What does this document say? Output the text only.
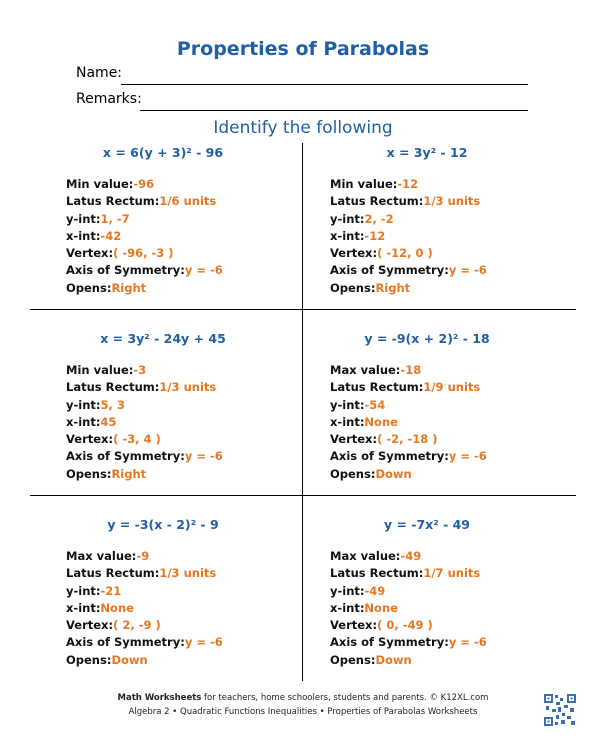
Properties of Parabolas
Name:
Remarks:
Identify the following
x = 6(y + 3)² - 96
Min value:-96
Latus Rectum:1/6 units
y-int:1, -7
x-int:-42
Vertex:( -96, -3 )
Axis of Symmetry:y = -6
Opens:Right
x = 3y² - 12
Min value:-12
Latus Rectum:1/3 units
y-int:2, -2
x-int:-12
Vertex:( -12, 0 )
Axis of Symmetry:y = -6
Opens:Right
x = 3y² - 24y + 45
Min value:-3
Latus Rectum:1/3 units
y-int:5, 3
x-int:45
Vertex:( -3, 4 )
Axis of Symmetry:y = -6
Opens:Right
y = -9(x + 2)² - 18
Max value:-18
Latus Rectum:1/9 units
y-int:-54
x-int:None
Vertex:( -2, -18 )
Axis of Symmetry:y = -6
Opens:Down
y = -3(x - 2)² - 9
Max value:-9
Latus Rectum:1/3 units
y-int:-21
x-int:None
Vertex:( 2, -9 )
Axis of Symmetry:y = -6
Opens:Down
y = -7x² - 49
Max value:-49
Latus Rectum:1/7 units
y-int:-49
x-int:None
Vertex:( 0, -49 )
Axis of Symmetry:y = -6
Opens:Down
Math Worksheets for teachers, home schoolers, students and parents. © K12XL.com
Algebra 2 • Quadratic Functions Inequalities • Properties of Parabolas Worksheets
